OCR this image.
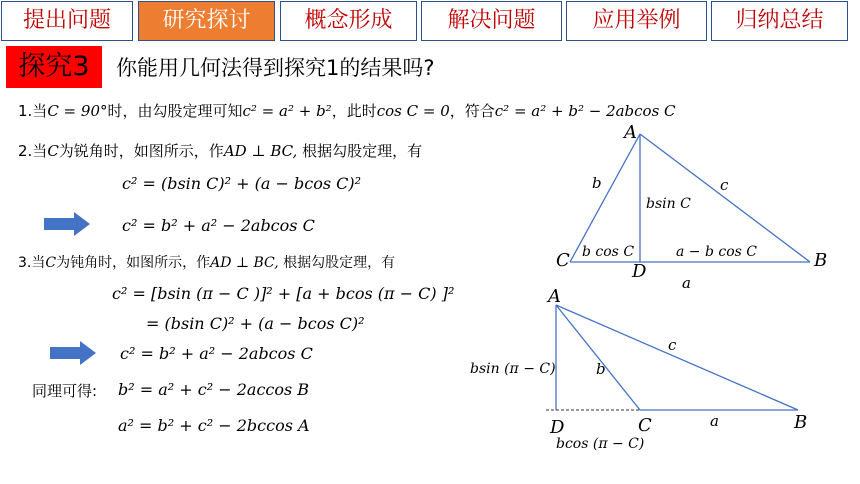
提出问题	研究探讨	概念形成	解决问题	应用举例	归纳总结
探究3	你能用几何法得到探究1的结果吗?
1.当C = 90°时，由勾股定理可知c² = a² + b²，此时cos C = 0，符合c² = a² + b² − 2abcos C
2.当C为锐角时，如图所示，作AD ⊥ BC, 根据勾股定理，有
c² = (bsin C)² + (a − bcos C)²
c² = b² + a² − 2abcos C
3.当C为钝角时，如图所示，作AD ⊥ BC, 根据勾股定理，有
c² = [bsin (π − C )]² + [a + bcos (π − C) ]²
= (bsin C)² + (a − bcos C)²
c² = b² + a² − 2abcos C
同理可得: b² = a² + c² − 2accos B
a² = b² + c² − 2bccos A
A
B
C
D
b	c
a
bsin C
b cos C	a − b cos C
A
B
C
D
b
c
a
bsin (π − C)
bcos (π − C)
